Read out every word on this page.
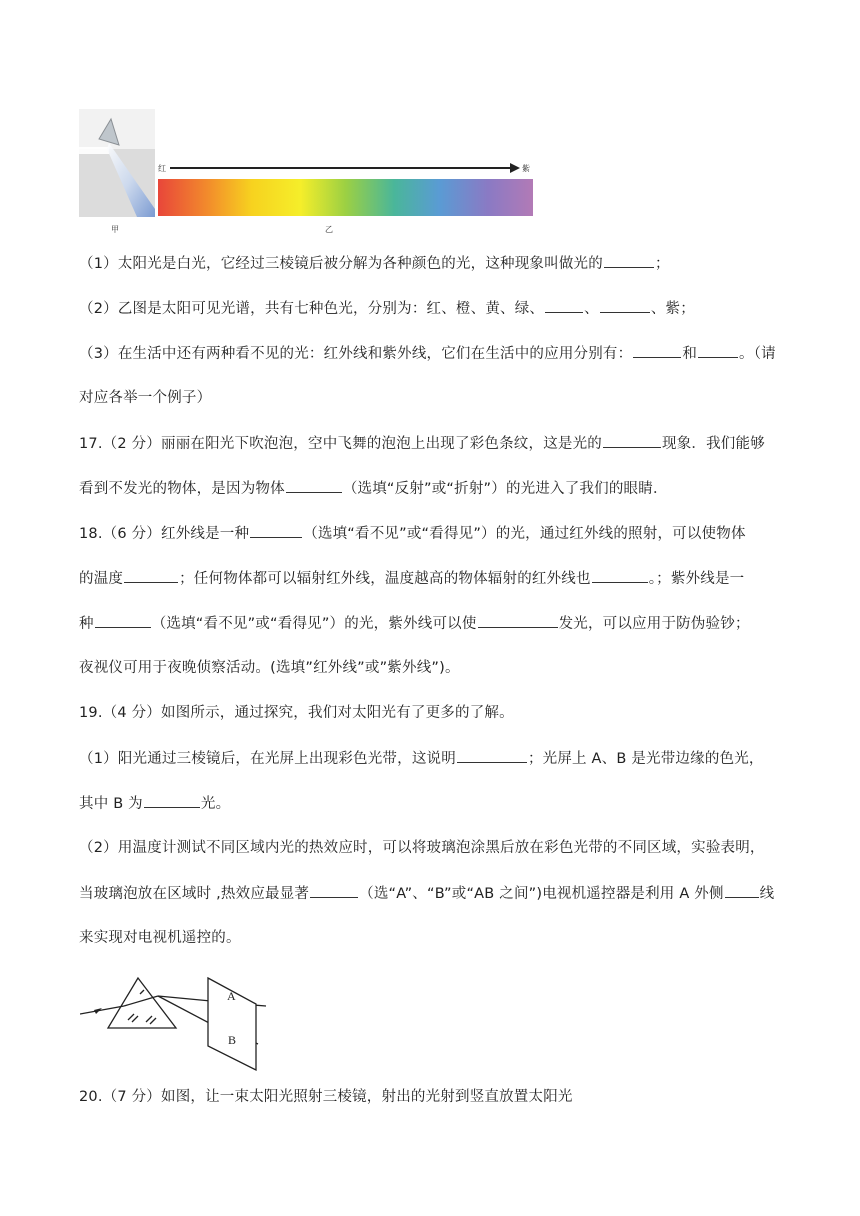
甲
红	紫
乙
（1）太阳光是白光，它经过三棱镜后被分解为各种颜色的光，这种现象叫做光的	；
（2）乙图是太阳可见光谱，共有七种色光，分别为：红、橙、黄、绿、	、	、紫；
（3）在生活中还有两种看不见的光：红外线和紫外线，它们在生活中的应用分别有：	和	。（请
对应各举一个例子）
17.（2 分）丽丽在阳光下吹泡泡，空中飞舞的泡泡上出现了彩色条纹，这是光的	现象．我们能够
看到不发光的物体，是因为物体	（选填“反射”或“折射”）的光进入了我们的眼睛．
18.（6 分）红外线是一种	（选填“看不见”或“看得见”）的光，通过红外线的照射，可以使物体
的温度	；任何物体都可以辐射红外线，温度越高的物体辐射的红外线也	。；紫外线是一
种	（选填“看不见”或“看得见”）的光，紫外线可以使	发光，可以应用于防伪验钞；
夜视仪可用于夜晚侦察活动。(选填”红外线”或”紫外线”)。
19.（4 分）如图所示，通过探究，我们对太阳光有了更多的了解。
（1）阳光通过三棱镜后，在光屏上出现彩色光带，这说明	；光屏上 A、B 是光带边缘的色光，
其中 B 为	光。
（2）用温度计测试不同区域内光的热效应时，可以将玻璃泡涂黑后放在彩色光带的不同区域，实验表明，
当玻璃泡放在区域时 ,热效应最显著	（选“A”、“B”或“AB 之间”)电视机遥控器是利用 A 外侧 线
来实现对电视机遥控的。
A
B
20.（7 分）如图，让一束太阳光照射三棱镜，射出的光射到竖直放置太阳光
